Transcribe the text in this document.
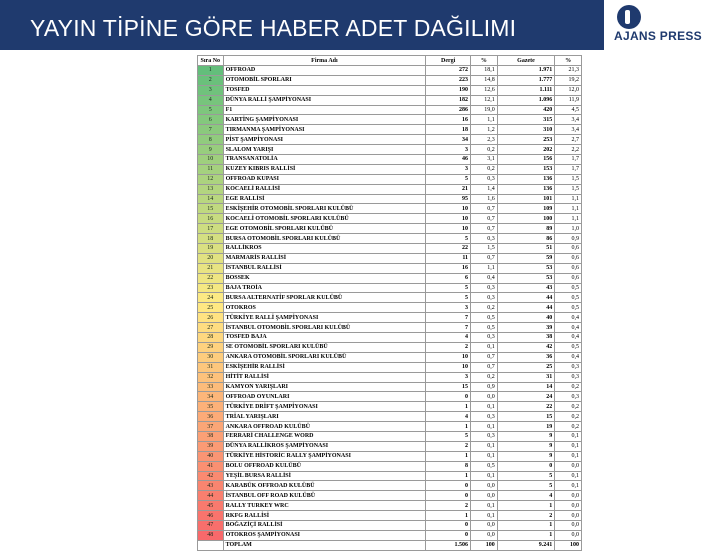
YAYIN TİPİNE GÖRE HABER ADET DAĞILIMI	AJANS PRESS
Sıra No	Firma Adı	Dergi	%	Gazete	%
1	OFFROAD	272	18,1	1.971	21,3
2	OTOMOBİL SPORLARI	223	14,8	1.777	19,2
3	TOSFED	190	12,6	1.111	12,0
4	DÜNYA RALLİ ŞAMPİYONASI	182	12,1	1.096	11,9
5	F1	286	19,0	420	4,5
6	KARTİNG ŞAMPİYONASI	16	1,1	315	3,4
7	TIRMANMA ŞAMPİYONASI	18	1,2	310	3,4
8	PİST ŞAMPİYONASI	34	2,3	253	2,7
9	SLALOM YARIŞI	3	0,2	202	2,2
10	TRANSANATOLİA	46	3,1	156	1,7
11	KUZEY KIBRIS RALLİSİ	3	0,2	153	1,7
12	OFFROAD KUPASI	5	0,3	136	1,5
13	KOCAELİ RALLİSİ	21	1,4	136	1,5
14	EGE RALLİSİ	95	1,6	101	1,1
15	ESKİŞEHİR OTOMOBİL SPORLARI KULÜBÜ	10	0,7	109	1,1
16	KOCAELİ OTOMOBİL SPORLARI KULÜBÜ	10	0,7	100	1,1
17	EGE OTOMOBİL SPORLARI KULÜBÜ	10	0,7	89	1,0
18	BURSA OTOMOBİL SPORLARI KULÜBÜ	5	0,3	86	0,9
19	RALLİKROS	22	1,5	51	0,6
20	MARMARİS RALLİSİ	11	0,7	59	0,6
21	İSTANBUL RALLİSİ	16	1,1	53	0,6
22	BOSSEK	6	0,4	53	0,6
23	BAJA TROİA	5	0,3	43	0,5
24	BURSA ALTERNATİF SPORLAR KULÜBÜ	5	0,3	44	0,5
25	OTOKROS	3	0,2	44	0,5
26	TÜRKİYE RALLİ ŞAMPİYONASI	7	0,5	40	0,4
27	İSTANBUL OTOMOBİL SPORLARI KULÜBÜ	7	0,5	39	0,4
28	TOSFED BAJA	4	0,3	38	0,4
29	SE OTOMOBİL SPORLARI KULÜBÜ	2	0,1	42	0,5
30	ANKARA OTOMOBİL SPORLARI KULÜBÜ	10	0,7	36	0,4
31	ESKİŞEHİR RALLİSİ	10	0,7	25	0,3
32	HİTİT RALLİSİ	3	0,2	31	0,3
33	KAMYON YARIŞLARI	15	0,9	14	0,2
34	OFFROAD OYUNLARI	0	0,0	24	0,3
35	TÜRKİYE DRİFT ŞAMPİYONASI	1	0,1	22	0,2
36	TRİAL YARIŞLARI	4	0,3	15	0,2
37	ANKARA OFFROAD KULÜBÜ	1	0,1	19	0,2
38	FERRARİ CHALLENGE WORD	5	0,3	9	0,1
39	DÜNYA RALLİKROS ŞAMPİYONASI	2	0,1	9	0,1
40	TÜRKİYE HİSTORİC RALLY ŞAMPİYONASI	1	0,1	9	0,1
41	BOLU OFFROAD KULÜBÜ	8	0,5	0	0,0
42	YEŞİL BURSA RALLİSİ	1	0,1	5	0,1
43	KARABÜK OFFROAD KULÜBÜ	0	0,0	5	0,1
44	İSTANBUL OFF ROAD KULÜBÜ	0	0,0	4	0,0
45	RALLY TURKEY WRC	2	0,1	1	0,0
46	RKFG RALLİSİ	1	0,1	2	0,0
47	BOĞAZİÇİ RALLİSİ	0	0,0	1	0,0
48	OTOKROS ŞAMPİYONASI	0	0,0	1	0,0
	TOPLAM	1.506	100	9.241	100
